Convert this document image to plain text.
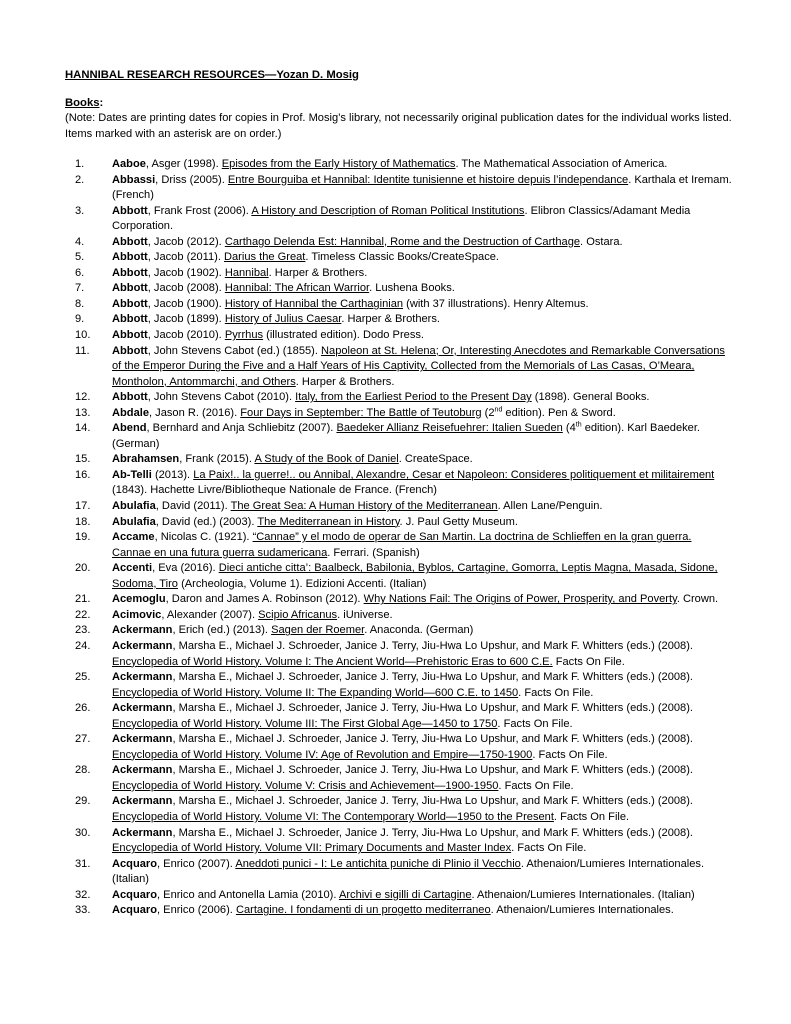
HANNIBAL RESEARCH RESOURCES—Yozan D. Mosig
Books:
(Note: Dates are printing dates for copies in Prof. Mosig’s library, not necessarily original publication dates for the individual works listed. Items marked with an asterisk are on order.)
1.	Aaboe, Asger (1998). Episodes from the Early History of Mathematics. The Mathematical Association of America.
2.	Abbassi, Driss (2005). Entre Bourguiba et Hannibal: Identite tunisienne et histoire depuis l’independance. Karthala et Iremam. (French)
3.	Abbott, Frank Frost (2006). A History and Description of Roman Political Institutions. Elibron Classics/Adamant Media Corporation.
4.	Abbott, Jacob (2012). Carthago Delenda Est: Hannibal, Rome and the Destruction of Carthage. Ostara.
5.	Abbott, Jacob (2011). Darius the Great. Timeless Classic Books/CreateSpace.
6.	Abbott, Jacob (1902). Hannibal. Harper & Brothers.
7.	Abbott, Jacob (2008). Hannibal: The African Warrior. Lushena Books.
8.	Abbott, Jacob (1900). History of Hannibal the Carthaginian (with 37 illustrations). Henry Altemus.
9.	Abbott, Jacob (1899). History of Julius Caesar. Harper & Brothers.
10.	Abbott, Jacob (2010). Pyrrhus (illustrated edition). Dodo Press.
11.	Abbott, John Stevens Cabot (ed.) (1855). Napoleon at St. Helena; Or, Interesting Anecdotes and Remarkable Conversations of the Emperor During the Five and a Half Years of His Captivity, Collected from the Memorials of Las Casas, O’Meara, Montholon, Antommarchi, and Others. Harper & Brothers.
12.	Abbott, John Stevens Cabot (2010). Italy, from the Earliest Period to the Present Day (1898). General Books.
13.	Abdale, Jason R. (2016). Four Days in September: The Battle of Teutoburg (2nd edition). Pen & Sword.
14.	Abend, Bernhard and Anja Schliebitz (2007). Baedeker Allianz Reisefuehrer: Italien Sueden (4th edition). Karl Baedeker. (German)
15.	Abrahamsen, Frank (2015). A Study of the Book of Daniel. CreateSpace.
16.	Ab-Telli (2013). La Paix!.. la guerre!.. ou Annibal, Alexandre, Cesar et Napoleon: Consideres politiquement et militairement (1843). Hachette Livre/Bibliotheque Nationale de France. (French)
17.	Abulafia, David (2011). The Great Sea: A Human History of the Mediterranean. Allen Lane/Penguin.
18.	Abulafia, David (ed.) (2003). The Mediterranean in History. J. Paul Getty Museum.
19.	Accame, Nicolas C. (1921). “Cannae” y el modo de operar de San Martin. La doctrina de Schlieffen en la gran guerra. Cannae en una futura guerra sudamericana. Ferrari. (Spanish)
20.	Accenti, Eva (2016). Dieci antiche citta’: Baalbeck, Babilonia, Byblos, Cartagine, Gomorra, Leptis Magna, Masada, Sidone, Sodoma, Tiro (Archeologia, Volume 1). Edizioni Accenti. (Italian)
21.	Acemoglu, Daron and James A. Robinson (2012). Why Nations Fail: The Origins of Power, Prosperity, and Poverty. Crown.
22.	Acimovic, Alexander (2007). Scipio Africanus. iUniverse.
23.	Ackermann, Erich (ed.) (2013). Sagen der Roemer. Anaconda. (German)
24.	Ackermann, Marsha E., Michael J. Schroeder, Janice J. Terry, Jiu-Hwa Lo Upshur, and Mark F. Whitters (eds.) (2008). Encyclopedia of World History. Volume I: The Ancient World—Prehistoric Eras to 600 C.E. Facts On File.
25.	Ackermann, Marsha E., Michael J. Schroeder, Janice J. Terry, Jiu-Hwa Lo Upshur, and Mark F. Whitters (eds.) (2008). Encyclopedia of World History. Volume II: The Expanding World—600 C.E. to 1450. Facts On File.
26.	Ackermann, Marsha E., Michael J. Schroeder, Janice J. Terry, Jiu-Hwa Lo Upshur, and Mark F. Whitters (eds.) (2008). Encyclopedia of World History. Volume III: The First Global Age—1450 to 1750. Facts On File.
27.	Ackermann, Marsha E., Michael J. Schroeder, Janice J. Terry, Jiu-Hwa Lo Upshur, and Mark F. Whitters (eds.) (2008). Encyclopedia of World History. Volume IV: Age of Revolution and Empire—1750-1900. Facts On File.
28.	Ackermann, Marsha E., Michael J. Schroeder, Janice J. Terry, Jiu-Hwa Lo Upshur, and Mark F. Whitters (eds.) (2008). Encyclopedia of World History. Volume V: Crisis and Achievement—1900-1950. Facts On File.
29.	Ackermann, Marsha E., Michael J. Schroeder, Janice J. Terry, Jiu-Hwa Lo Upshur, and Mark F. Whitters (eds.) (2008). Encyclopedia of World History. Volume VI: The Contemporary World—1950 to the Present. Facts On File.
30.	Ackermann, Marsha E., Michael J. Schroeder, Janice J. Terry, Jiu-Hwa Lo Upshur, and Mark F. Whitters (eds.) (2008). Encyclopedia of World History. Volume VII: Primary Documents and Master Index. Facts On File.
31.	Acquaro, Enrico (2007). Aneddoti punici - I: Le antichita puniche di Plinio il Vecchio. Athenaion/Lumieres Internationales. (Italian)
32.	Acquaro, Enrico and Antonella Lamia (2010). Archivi e sigilli di Cartagine. Athenaion/Lumieres Internationales. (Italian)
33.	Acquaro, Enrico (2006). Cartagine. I fondamenti di un progetto mediterraneo. Athenaion/Lumieres Internationales.
